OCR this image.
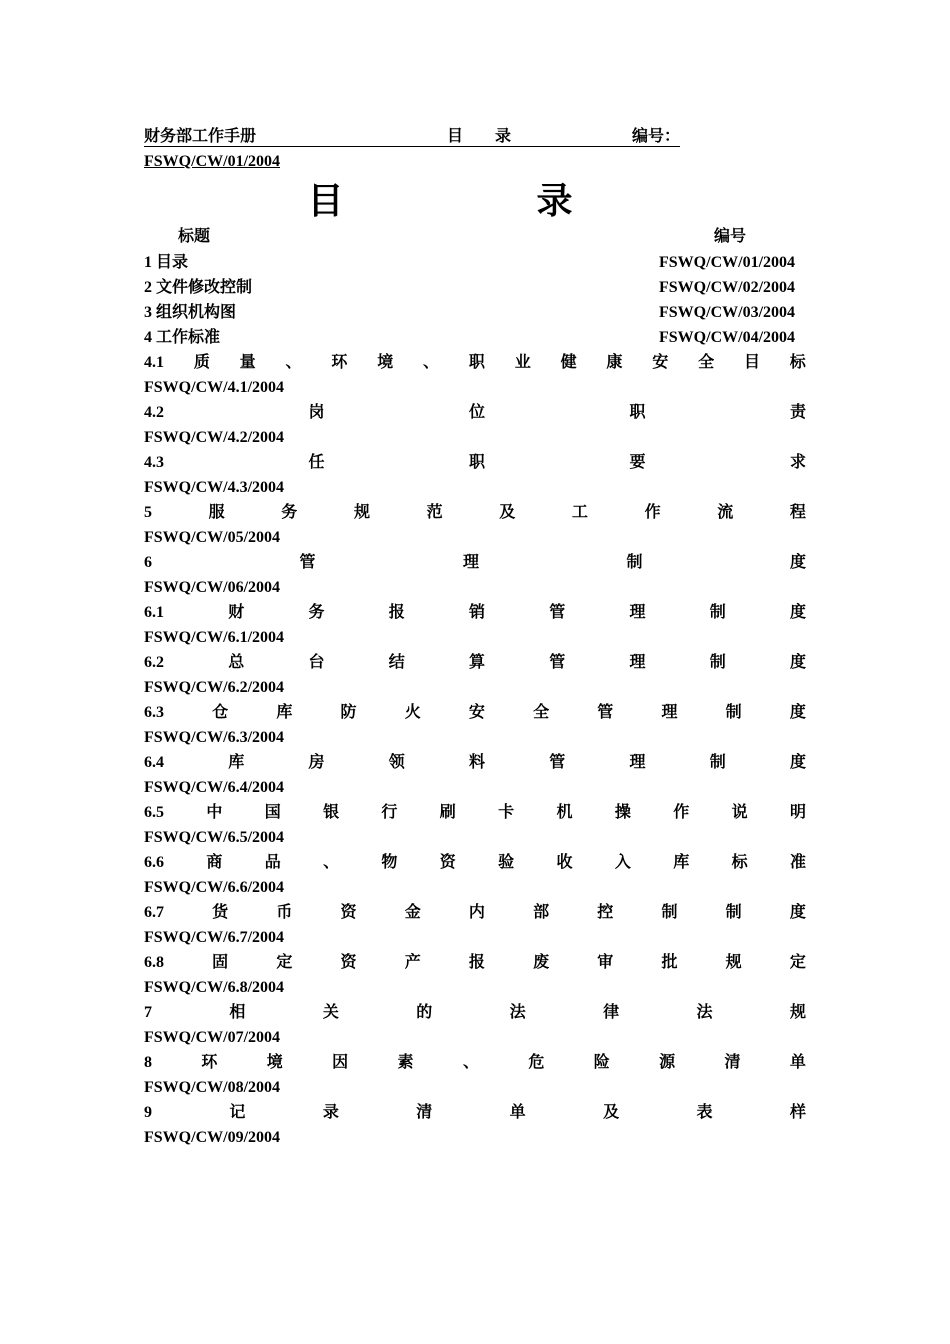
财务部工作手册	目 录	编号：
FSWQ/CW/01/2004
目 录
标题	编号
1 目录	FSWQ/CW/01/2004
2 文件修改控制	FSWQ/CW/02/2004
3 组织机构图	FSWQ/CW/03/2004
4 工作标准	FSWQ/CW/04/2004
4.1 质 量 、 环 境 、 职 业 健 康 安 全 目 标
FSWQ/CW/4.1/2004
4.2	岗	位	职	责
FSWQ/CW/4.2/2004
4.3	任	职	要	求
FSWQ/CW/4.3/2004
5	服	务	规	范	及	工	作	流	程
FSWQ/CW/05/2004
6	管	理	制	度
FSWQ/CW/06/2004
6.1	财	务	报	销	管	理	制	度
FSWQ/CW/6.1/2004
6.2	总	台	结	算	管	理	制	度
FSWQ/CW/6.2/2004
6.3	仓	库	防	火	安	全	管	理	制	度
FSWQ/CW/6.3/2004
6.4	库	房	领	料	管	理	制	度
FSWQ/CW/6.4/2004
6.5	中	国	银	行	刷	卡	机	操	作	说	明
FSWQ/CW/6.5/2004
6.6	商	品	、	物	资	验	收	入	库	标	准
FSWQ/CW/6.6/2004
6.7	货	币	资	金	内	部	控	制	制	度
FSWQ/CW/6.7/2004
6.8	固	定	资	产	报	废	审	批	规	定
FSWQ/CW/6.8/2004
7	相	关	的	法	律	法	规
FSWQ/CW/07/2004
8	环	境	因	素	、	危	险	源	清	单
FSWQ/CW/08/2004
9	记	录	清	单	及	表	样
FSWQ/CW/09/2004
